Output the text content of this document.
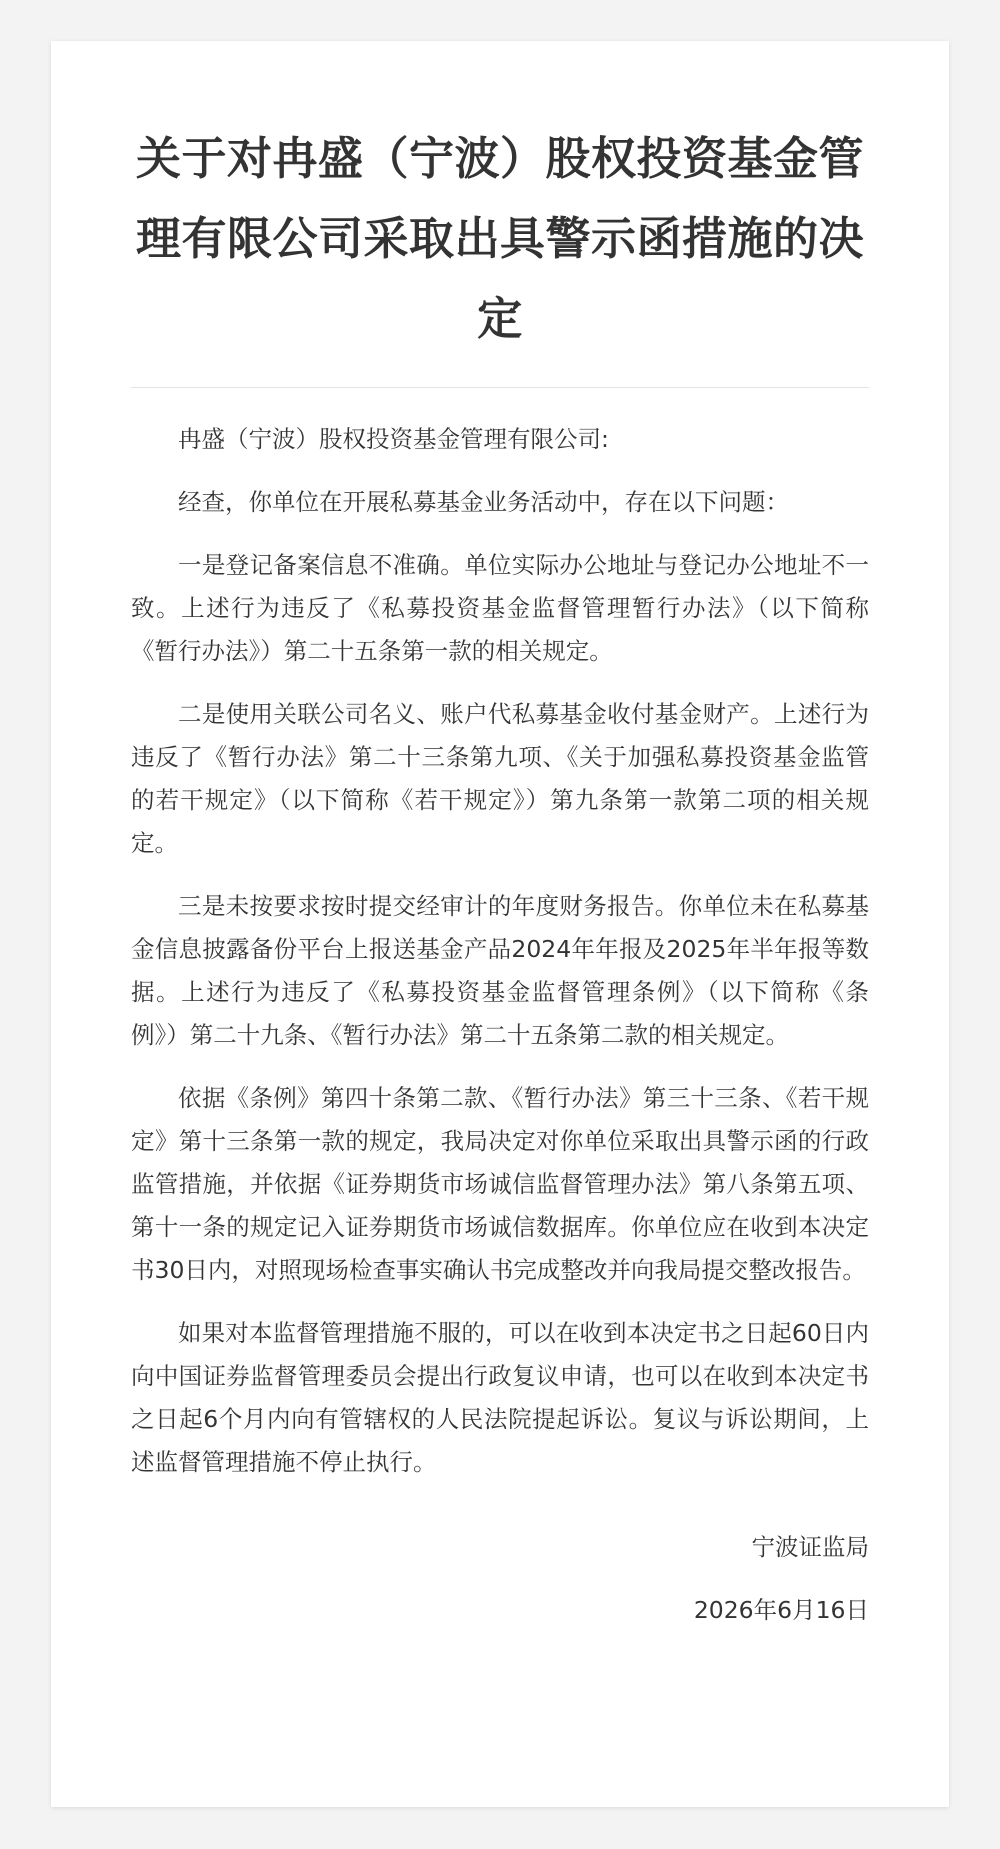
关于对冉盛（宁波）股权投资基金管理有限公司采取出具警示函措施的决定

冉盛（宁波）股权投资基金管理有限公司:

经查，你单位在开展私募基金业务活动中，存在以下问题：

一是登记备案信息不准确。单位实际办公地址与登记办公地址不一致。上述行为违反了《私募投资基金监督管理暂行办法》（以下简称《暂行办法》）第二十五条第一款的相关规定。

二是使用关联公司名义、账户代私募基金收付基金财产。上述行为违反了《暂行办法》第二十三条第九项、《关于加强私募投资基金监管的若干规定》（以下简称《若干规定》）第九条第一款第二项的相关规定。

三是未按要求按时提交经审计的年度财务报告。你单位未在私募基金信息披露备份平台上报送基金产品2024年年报及2025年半年报等数据。上述行为违反了《私募投资基金监督管理条例》（以下简称《条例》）第二十九条、《暂行办法》第二十五条第二款的相关规定。

依据《条例》第四十条第二款、《暂行办法》第三十三条、《若干规定》第十三条第一款的规定，我局决定对你单位采取出具警示函的行政监管措施，并依据《证券期货市场诚信监督管理办法》第八条第五项、第十一条的规定记入证券期货市场诚信数据库。你单位应在收到本决定书30日内，对照现场检查事实确认书完成整改并向我局提交整改报告。

如果对本监督管理措施不服的，可以在收到本决定书之日起60日内向中国证券监督管理委员会提出行政复议申请，也可以在收到本决定书之日起6个月内向有管辖权的人民法院提起诉讼。复议与诉讼期间，上述监督管理措施不停止执行。

宁波证监局
2026年6月16日
